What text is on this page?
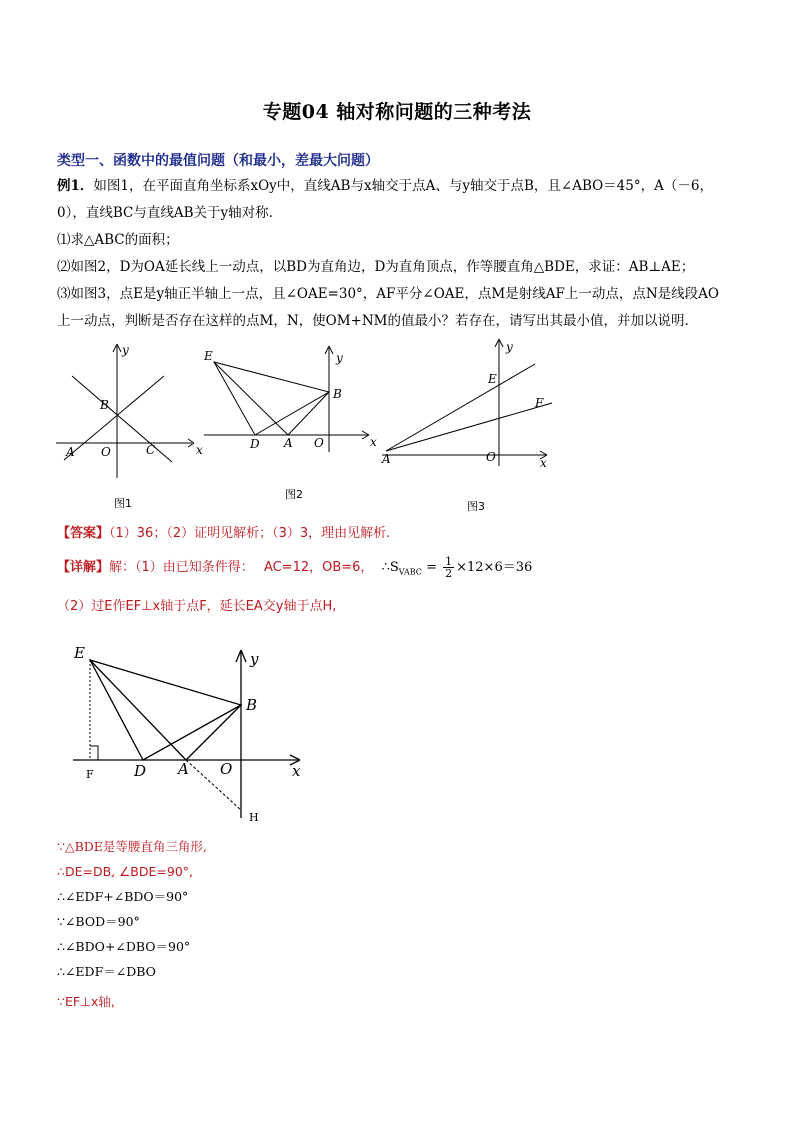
专题04 轴对称问题的三种考法
类型一、函数中的最值问题（和最小，差最大问题）
例1．如图1，在平面直角坐标系xOy中，直线AB与x轴交于点A、与y轴交于点B，且∠ABO＝45°，A（－6，
0），直线BC与直线AB关于y轴对称.
⑴求△ABC的面积；
⑵如图2，D为OA延长线上一动点，以BD为直角边，D为直角顶点，作等腰直角△BDE，求证：AB⊥AE；
⑶如图3，点E是y轴正半轴上一点，且∠OAE=30°，AF平分∠OAE，点M是射线AF上一动点，点N是线段AO
上一动点，判断是否存在这样的点M，N，使OM+NM的值最小？若存在，请写出其最小值，并加以说明.
y
x
B
A O	C
图1
E	y
B
D A O	x
图2
y
E
F
O
A	x
图3
【答案】（1）36；（2）证明见解析；（3）3，理由见解析.
【详解】解：（1）由已知条件得： AC=12，OB=6， $\therefore S_{VABC} = \frac{1}{2} \times 12\times 6=36$
（2）过E作EF⊥x轴于点F，延长EA交y轴于点H,
E	y
B
D A O	x
F
H
∵△BDE是等腰直角三角形,
∴DE=DB, ∠BDE=90°,
∴∠EDF+∠BDO＝90°
∵∠BOD＝90°
∴∠BDO+∠DBO＝90°
∴∠EDF＝∠DBO
∵EF⊥x轴,
